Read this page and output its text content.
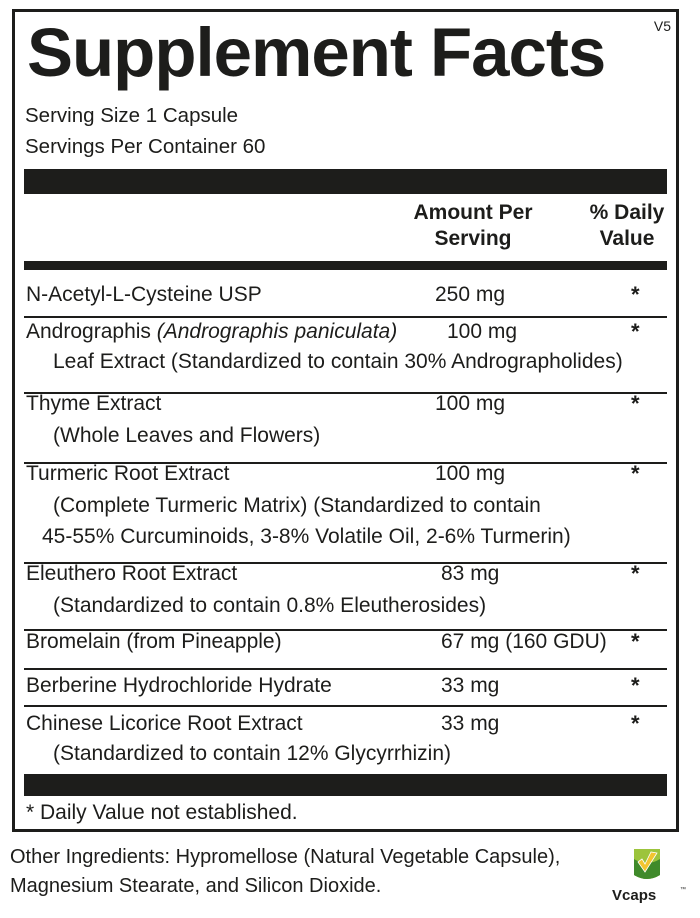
Supplement Facts	V5
Serving Size 1 Capsule
Servings Per Container 60
Amount Per
Serving
% Daily
Value
N-Acetyl-L-Cysteine USP	250 mg	*
Andrographis (Andrographis paniculata) 100 mg	*
Leaf Extract (Standardized to contain 30% Andrographolides)
Thyme Extract	100 mg	*
(Whole Leaves and Flowers)
Turmeric Root Extract	100 mg	*
(Complete Turmeric Matrix) (Standardized to contain
45-55% Curcuminoids, 3-8% Volatile Oil, 2-6% Turmerin)
Eleuthero Root Extract	83 mg	*
(Standardized to contain 0.8% Eleutherosides)
Bromelain (from Pineapple)	67 mg (160 GDU) *
Berberine Hydrochloride Hydrate	33 mg	*
Chinese Licorice Root Extract	33 mg	*
(Standardized to contain 12% Glycyrrhizin)
* Daily Value not established.
Other Ingredients: Hypromellose (Natural Vegetable Capsule),
Magnesium Stearate, and Silicon Dioxide.	Vcaps	™
